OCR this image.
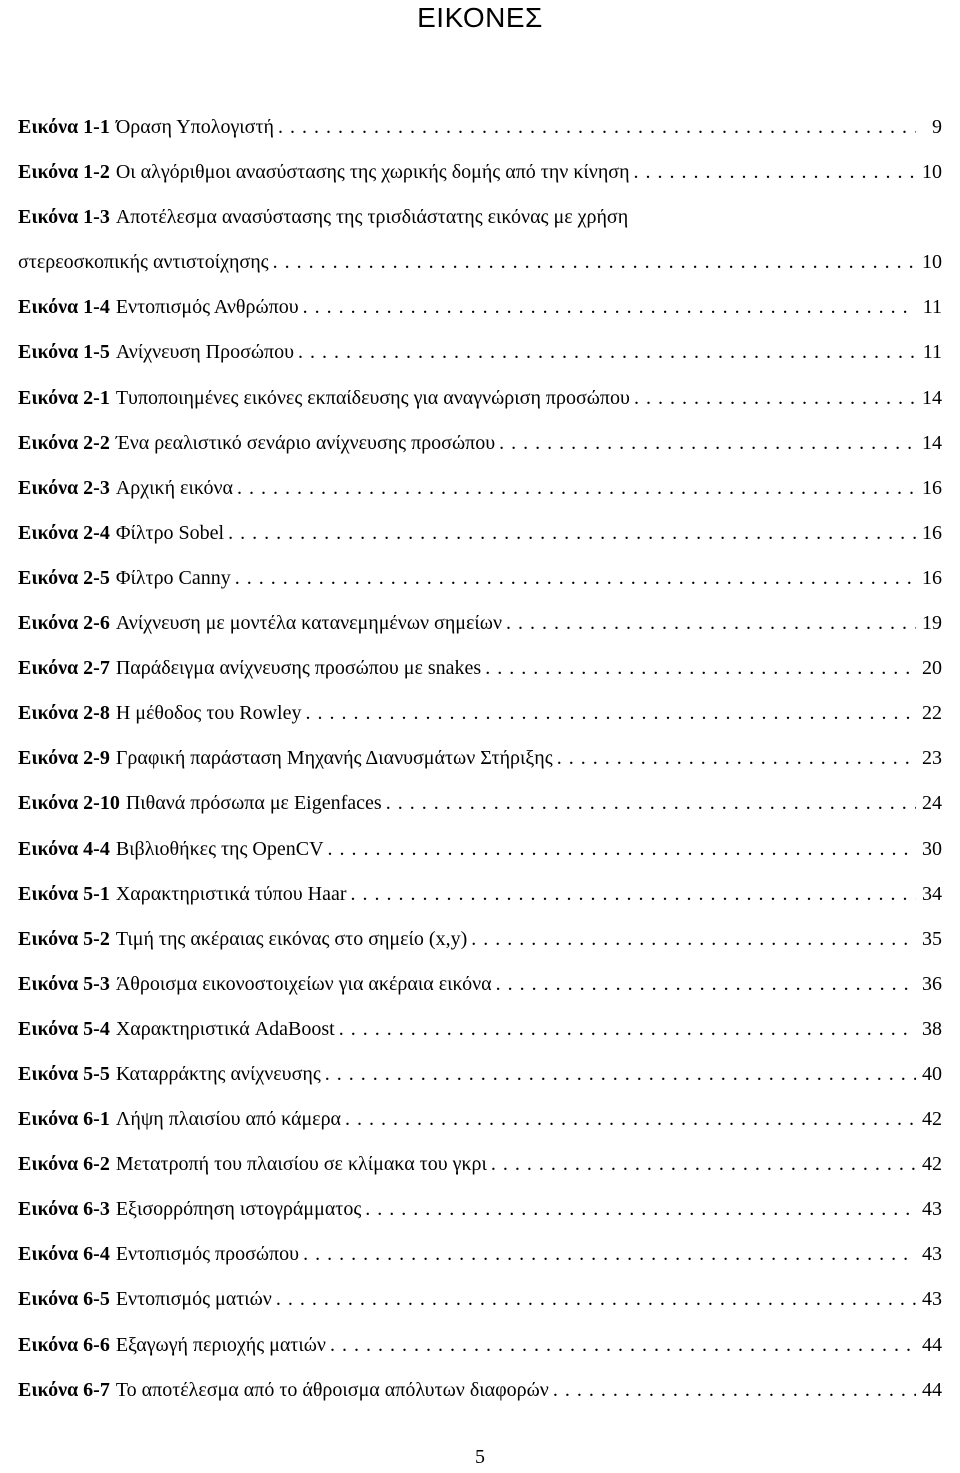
ΕΙΚΟΝΕΣ
Εικόνα 1-1 Όραση Υπολογιστή . . .	9
Εικόνα 1-2 Οι αλγόριθμοι ανασύστασης της χωρικής δομής από την κίνηση . . .	10
Εικόνα 1-3 Αποτέλεσμα ανασύστασης της τρισδιάστατης εικόνας με χρήση
στερεοσκοπικής αντιστοίχησης . . .	10
Εικόνα 1-4 Εντοπισμός Ανθρώπου . . .	11
Εικόνα 1-5 Ανίχνευση Προσώπου . . .	11
Εικόνα 2-1 Τυποποιημένες εικόνες εκπαίδευσης για αναγνώριση προσώπου . . .	14
Εικόνα 2-2 Ένα ρεαλιστικό σενάριο ανίχνευσης προσώπου . . .	14
Εικόνα 2-3 Αρχική εικόνα . . .	16
Εικόνα 2-4 Φίλτρο Sobel . . .	16
Εικόνα 2-5 Φίλτρο Canny . . .	16
Εικόνα 2-6 Ανίχνευση με μοντέλα κατανεμημένων σημείων . . .	19
Εικόνα 2-7 Παράδειγμα ανίχνευσης προσώπου με snakes . . .	20
Εικόνα 2-8 Η μέθοδος του Rowley . . .	22
Εικόνα 2-9 Γραφική παράσταση Μηχανής Διανυσμάτων Στήριξης . . .	23
Εικόνα 2-10 Πιθανά πρόσωπα με Eigenfaces . . .	24
Εικόνα 4-4 Βιβλιοθήκες της OpenCV . . .	30
Εικόνα 5-1 Χαρακτηριστικά τύπου Haar . . .	34
Εικόνα 5-2 Τιμή της ακέραιας εικόνας στο σημείο (x,y) . . .	35
Εικόνα 5-3 Άθροισμα εικονοστοιχείων για ακέραια εικόνα . . .	36
Εικόνα 5-4 Χαρακτηριστικά AdaBoost . . .	38
Εικόνα 5-5 Καταρράκτης ανίχνευσης . . .	40
Εικόνα 6-1 Λήψη πλαισίου από κάμερα . . .	42
Εικόνα 6-2 Μετατροπή του πλαισίου σε κλίμακα του γκρι . . .	42
Εικόνα 6-3 Εξισορρόπηση ιστογράμματος . . .	43
Εικόνα 6-4 Εντοπισμός προσώπου . . .	43
Εικόνα 6-5 Εντοπισμός ματιών . . .	43
Εικόνα 6-6 Εξαγωγή περιοχής ματιών . . .	44
Εικόνα 6-7 Το αποτέλεσμα από το άθροισμα απόλυτων διαφορών . . .	44
5
